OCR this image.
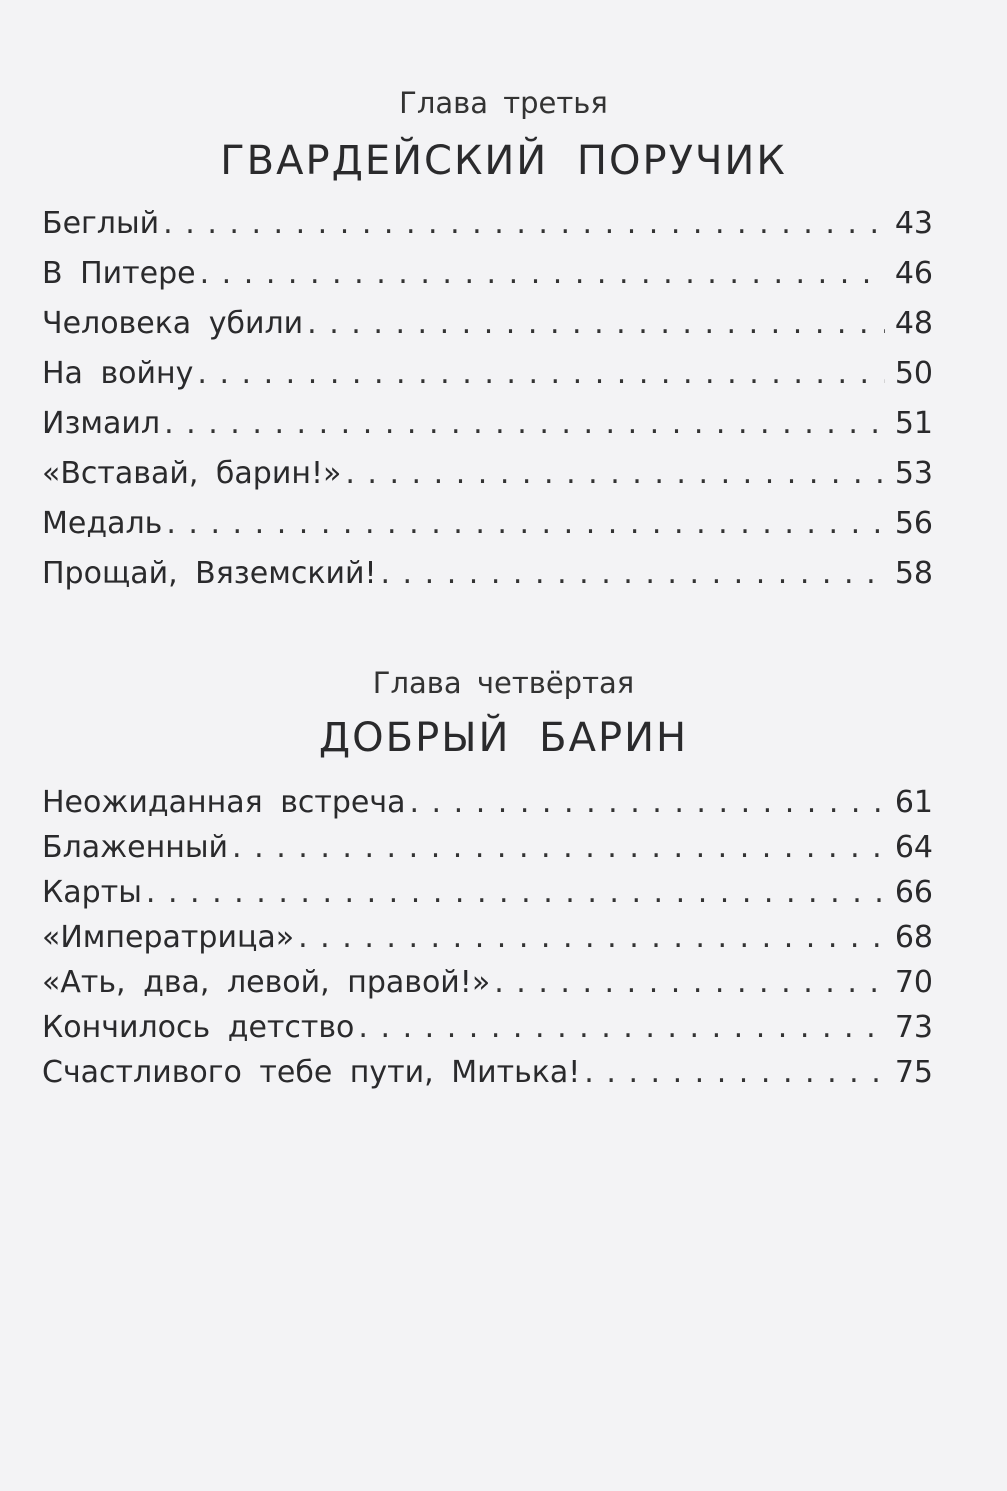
Глава третья
ГВАРДЕЙСКИЙ ПОРУЧИК
Беглый . . .	43
В Питере . . .	46
Человека убили . . .	48
На войну . . .	50
Измаил . . .	51
«Вставай, барин!» . . .	53
Медаль . . .	56
Прощай, Вяземский! . . .	58
Глава четвёртая
ДОБРЫЙ БАРИН
Неожиданная встреча . . .	61
Блаженный . . .	64
Карты . . .	66
«Императрица» . . .	68
«Ать, два, левой, правой!» . . .	70
Кончилось детство . . .	73
Счастливого тебе пути, Митька! . . .	75
